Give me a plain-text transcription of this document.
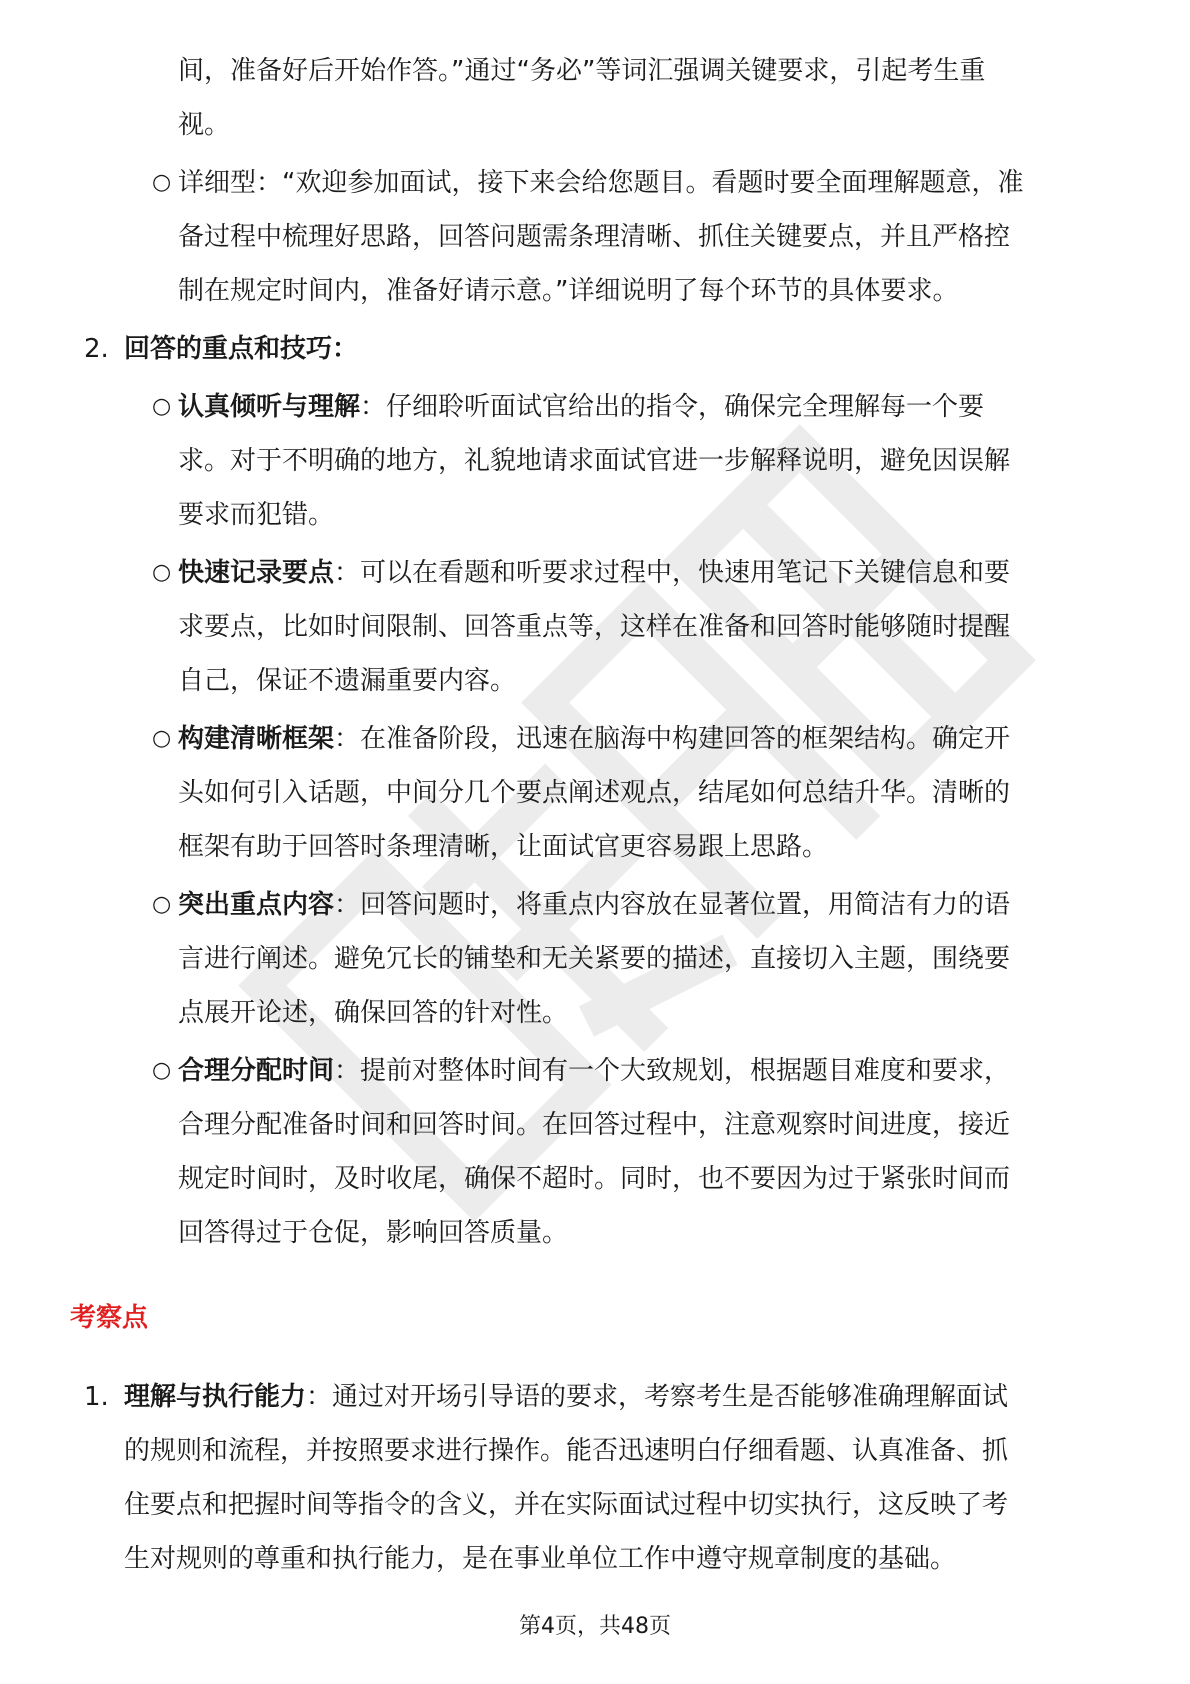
间，准备好后开始作答。”通过“务必”等词汇强调关键要求，引起考生重
视。
○ 详细型：“欢迎参加面试，接下来会给您题目。看题时要全面理解题意，准
备过程中梳理好思路，回答问题需条理清晰、抓住关键要点，并且严格控
制在规定时间内，准备好请示意。”详细说明了每个环节的具体要求。
2. 回答的重点和技巧：
○ 认真倾听与理解：仔细聆听面试官给出的指令，确保完全理解每一个要
求。对于不明确的地方，礼貌地请求面试官进一步解释说明，避免因误解
要求而犯错。
○ 快速记录要点：可以在看题和听要求过程中，快速用笔记下关键信息和要
求要点，比如时间限制、回答重点等，这样在准备和回答时能够随时提醒
自己，保证不遗漏重要内容。
○ 构建清晰框架：在准备阶段，迅速在脑海中构建回答的框架结构。确定开
头如何引入话题，中间分几个要点阐述观点，结尾如何总结升华。清晰的
框架有助于回答时条理清晰，让面试官更容易跟上思路。
○ 突出重点内容：回答问题时，将重点内容放在显著位置，用简洁有力的语
言进行阐述。避免冗长的铺垫和无关紧要的描述，直接切入主题，围绕要
点展开论述，确保回答的针对性。
○ 合理分配时间：提前对整体时间有一个大致规划，根据题目难度和要求，
合理分配准备时间和回答时间。在回答过程中，注意观察时间进度，接近
规定时间时，及时收尾，确保不超时。同时，也不要因为过于紧张时间而
回答得过于仓促，影响回答质量。
考察点
1. 理解与执行能力：通过对开场引导语的要求，考察考生是否能够准确理解面试
的规则和流程，并按照要求进行操作。能否迅速明白仔细看题、认真准备、抓
住要点和把握时间等指令的含义，并在实际面试过程中切实执行，这反映了考
生对规则的尊重和执行能力，是在事业单位工作中遵守规章制度的基础。
第4页，共48页
